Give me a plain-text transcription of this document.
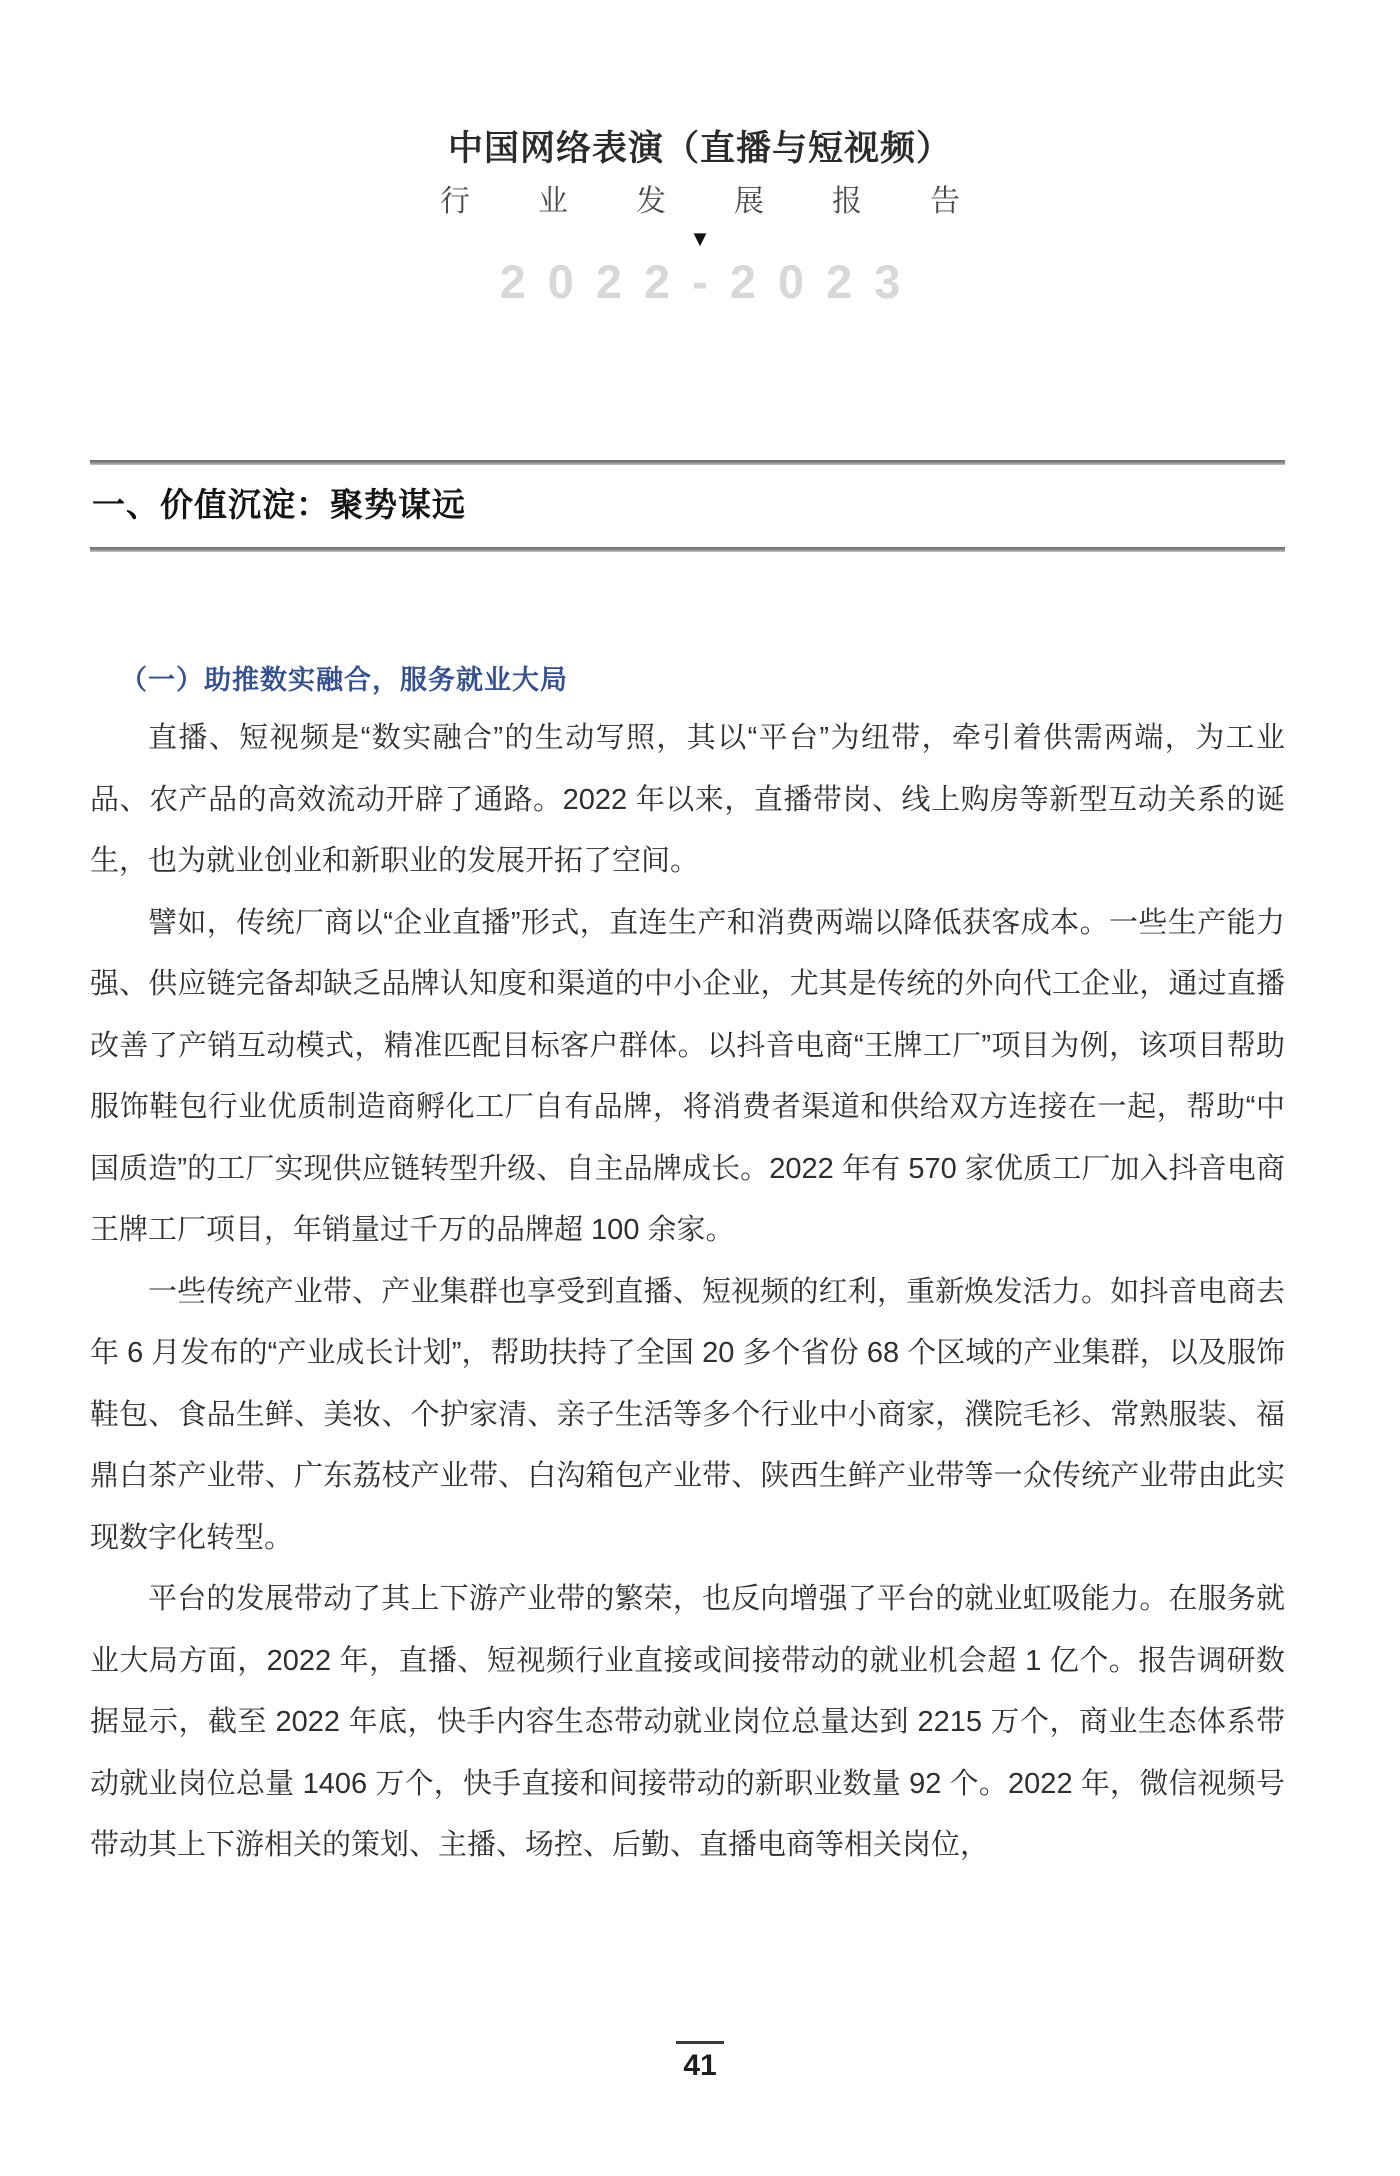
中国网络表演（直播与短视频）
行业发展报告
▼
2022-2023
一、价值沉淀：聚势谋远
（一）助推数实融合，服务就业大局

直播、短视频是“数实融合”的生动写照，其以“平台”为纽带，牵引着供需两端，为工业品、农产品的高效流动开辟了通路。2022 年以来，直播带岗、线上购房等新型互动关系的诞生，也为就业创业和新职业的发展开拓了空间。

譬如，传统厂商以“企业直播”形式，直连生产和消费两端以降低获客成本。一些生产能力强、供应链完备却缺乏品牌认知度和渠道的中小企业，尤其是传统的外向代工企业，通过直播改善了产销互动模式，精准匹配目标客户群体。以抖音电商“王牌工厂”项目为例，该项目帮助服饰鞋包行业优质制造商孵化工厂自有品牌，将消费者渠道和供给双方连接在一起，帮助“中国质造”的工厂实现供应链转型升级、自主品牌成长。2022 年有 570 家优质工厂加入抖音电商王牌工厂项目，年销量过千万的品牌超 100 余家。

一些传统产业带、产业集群也享受到直播、短视频的红利，重新焕发活力。如抖音电商去年 6 月发布的“产业成长计划”，帮助扶持了全国 20 多个省份 68 个区域的产业集群，以及服饰鞋包、食品生鲜、美妆、个护家清、亲子生活等多个行业中小商家，濮院毛衫、常熟服装、福鼎白茶产业带、广东荔枝产业带、白沟箱包产业带、陕西生鲜产业带等一众传统产业带由此实现数字化转型。

平台的发展带动了其上下游产业带的繁荣，也反向增强了平台的就业虹吸能力。在服务就业大局方面，2022 年，直播、短视频行业直接或间接带动的就业机会超 1 亿个。报告调研数据显示，截至 2022 年底，快手内容生态带动就业岗位总量达到 2215 万个，商业生态体系带动就业岗位总量 1406 万个，快手直接和间接带动的新职业数量 92 个。2022 年，微信视频号带动其上下游相关的策划、主播、场控、后勤、直播电商等相关岗位，

41
